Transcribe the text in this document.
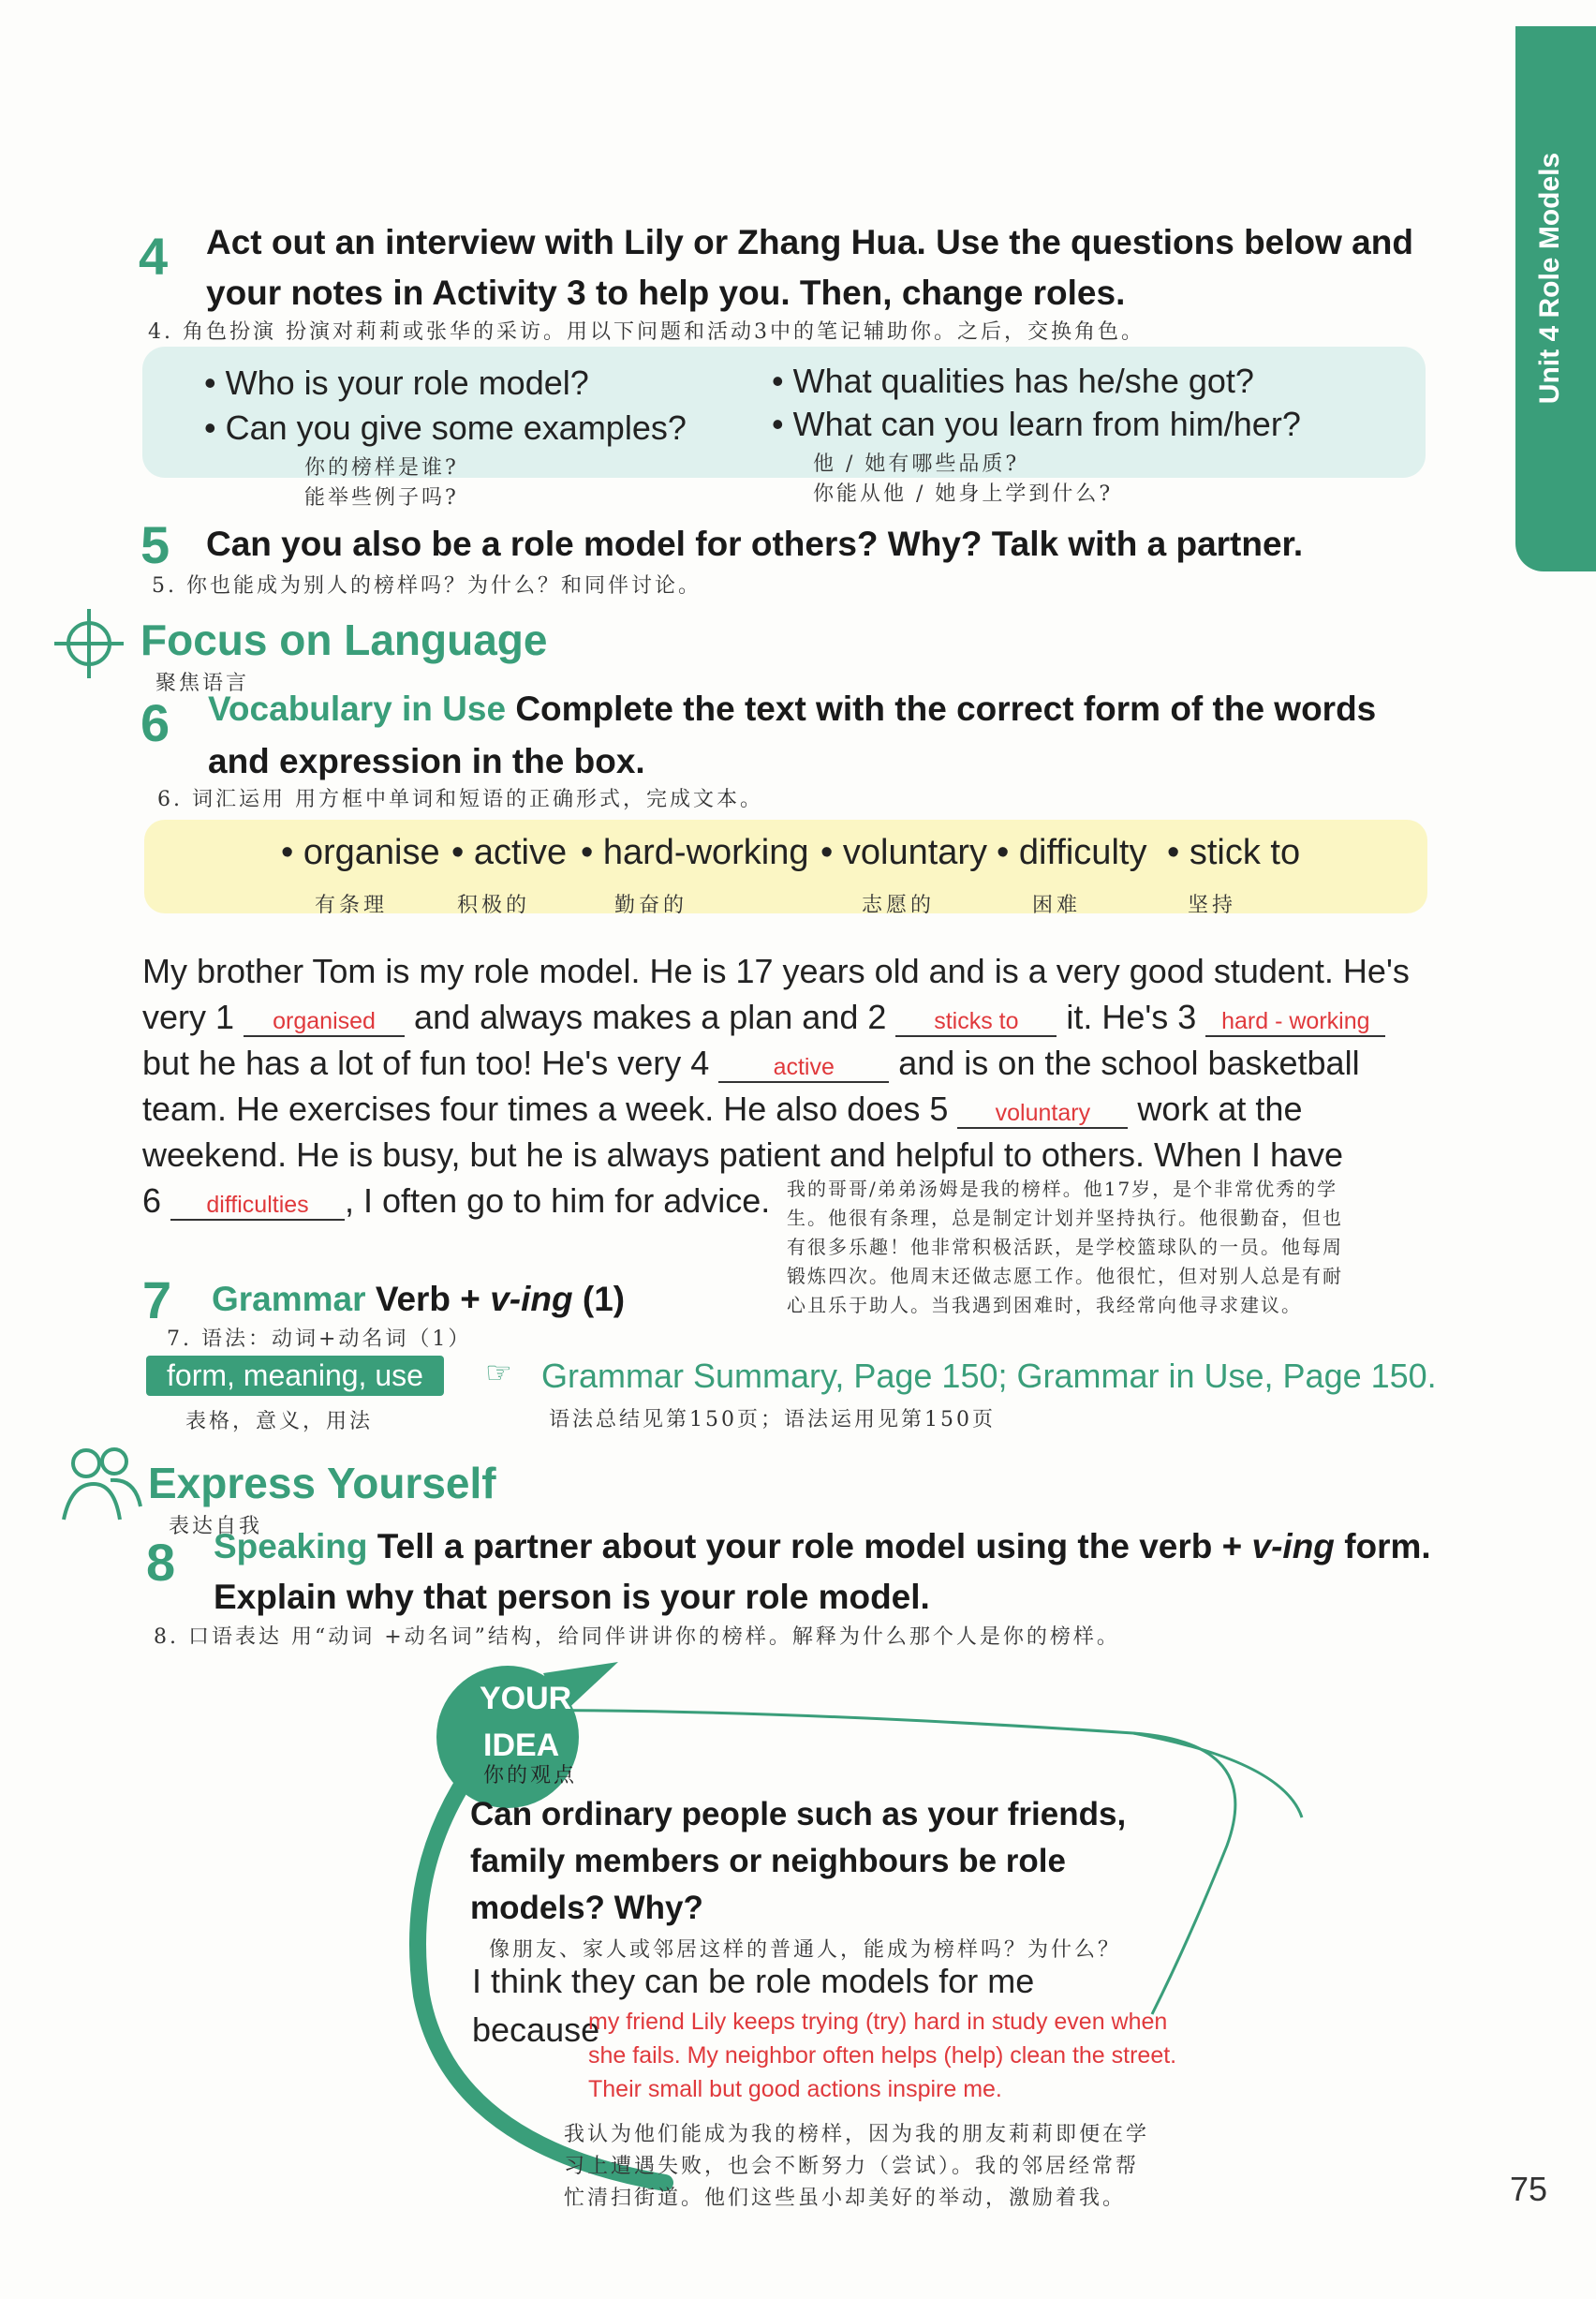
Unit 4 Role Models
4 Act out an interview with Lily or Zhang Hua. Use the questions below and
your notes in Activity 3 to help you. Then, change roles.
4. 角色扮演 扮演对莉莉或张华的采访。用以下问题和活动3中的笔记辅助你。之后，交换角色。
• Who is your role model?
• Can you give some examples?
• What qualities has he/she got?
• What can you learn from him/her?
你的榜样是谁?
能举些例子吗?
他 / 她有哪些品质?
你能从他 / 她身上学到什么?
5 Can you also be a role model for others? Why? Talk with a partner.
5. 你也能成为别人的榜样吗？为什么？和同伴讨论。
Focus on Language
聚焦语言
6 Vocabulary in Use Complete the text with the correct form of the words
and expression in the box.
6. 词汇运用 用方框中单词和短语的正确形式，完成文本。
• organise • active • hard-working • voluntary • difficulty • stick to
有条理	积极的	勤奋的	志愿的	困难	坚持
My brother Tom is my role model. He is 17 years old and is a very good student. He's
very 1 organised and always makes a plan and 2 sticks to it. He's 3 hard - working
but he has a lot of fun too! He's very 4 active and is on the school basketball
team. He exercises four times a week. He also does 5 voluntary work at the
weekend. He is busy, but he is always patient and helpful to others. When I have
6 difficulties , I often go to him for advice. 我的哥哥/弟弟汤姆是我的榜样。他17岁，是个非常优秀的学生。他很有条理，总是制定计划并坚持执行。他很勤奋，但也有很多乐趣！他非常积极活跃，是学校篮球队的一员。他每周锻炼四次。他周末还做志愿工作。他很忙，但对别人总是有耐心且乐于助人。当我遇到困难时，我经常向他寻求建议。
7 Grammar Verb + v-ing (1)
7. 语法：动词+动名词（1）
form, meaning, use	☞ Grammar Summary, Page 150; Grammar in Use, Page 150.
表格，意义，用法	语法总结见第150页；语法运用见第150页
Express Yourself
表达自我
8 Speaking Tell a partner about your role model using the verb + v-ing form.
Explain why that person is your role model.
8. 口语表达 用“动词 +动名词”结构，给同伴讲讲你的榜样。解释为什么那个人是你的榜样。
YOUR
IDEA
你的观点
Can ordinary people such as your friends,
family members or neighbours be role
models? Why?
像朋友、家人或邻居这样的普通人，能成为榜样吗？为什么？
I think they can be role models for me
because
my friend Lily keeps trying (try) hard in study even when
she fails. My neighbor often helps (help) clean the street.
Their small but good actions inspire me.
我认为他们能成为我的榜样，因为我的朋友莉莉即便在学
习上遭遇失败，也会不断努力（尝试）。我的邻居经常帮
忙清扫街道。他们这些虽小却美好的举动，激励着我。	75
